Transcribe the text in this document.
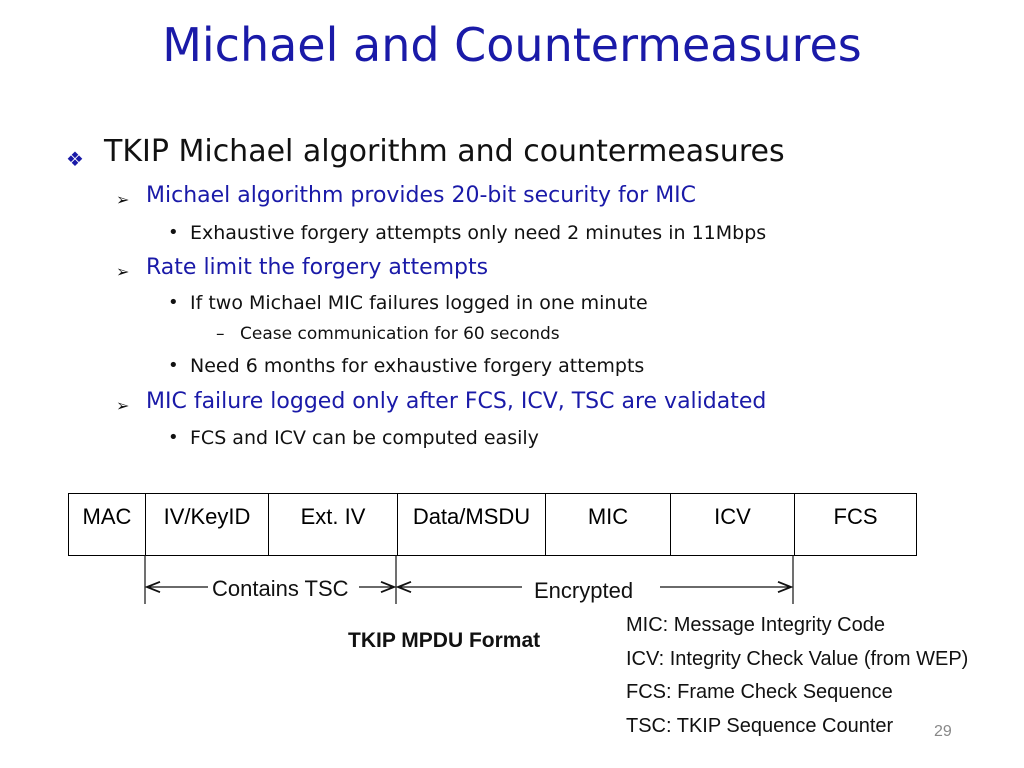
Michael and Countermeasures
❖ TKIP Michael algorithm and countermeasures
➢ Michael algorithm provides 20-bit security for MIC
• Exhaustive forgery attempts only need 2 minutes in 11Mbps
➢ Rate limit the forgery attempts
• If two Michael MIC failures logged in one minute
– Cease communication for 60 seconds
• Need 6 months for exhaustive forgery attempts
➢ MIC failure logged only after FCS, ICV, TSC are validated
• FCS and ICV can be computed easily
MAC	IV/KeyID	Ext. IV	Data/MSDU	MIC	ICV	FCS
Contains TSC	Encrypted
TKIP MPDU Format
MIC: Message Integrity Code
ICV: Integrity Check Value (from WEP)
FCS: Frame Check Sequence
TSC: TKIP Sequence Counter	29
